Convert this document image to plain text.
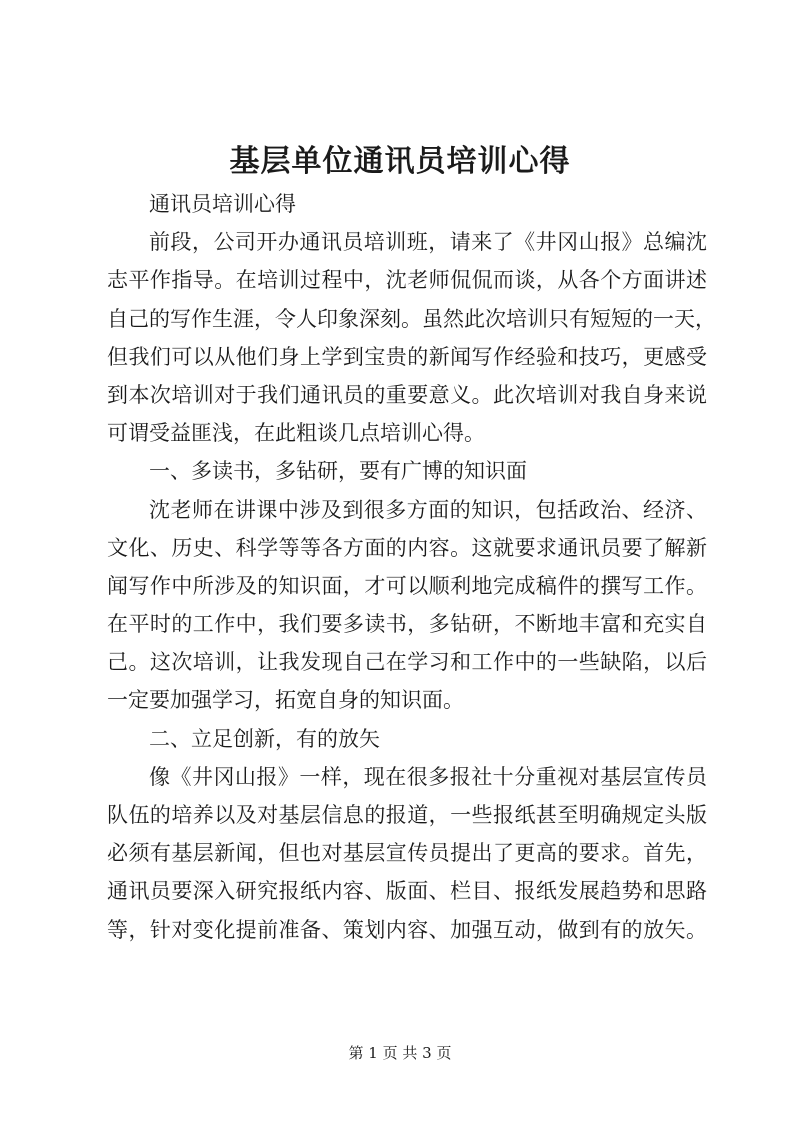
基层单位通讯员培训心得
通讯员培训心得
前段，公司开办通讯员培训班，请来了《井冈山报》总编沈
志平作指导。在培训过程中，沈老师侃侃而谈，从各个方面讲述
自己的写作生涯，令人印象深刻。虽然此次培训只有短短的一天，
但我们可以从他们身上学到宝贵的新闻写作经验和技巧，更感受
到本次培训对于我们通讯员的重要意义。此次培训对我自身来说
可谓受益匪浅，在此粗谈几点培训心得。
一、多读书，多钻研，要有广博的知识面
沈老师在讲课中涉及到很多方面的知识，包括政治、经济、
文化、历史、科学等等各方面的内容。这就要求通讯员要了解新
闻写作中所涉及的知识面，才可以顺利地完成稿件的撰写工作。
在平时的工作中，我们要多读书，多钻研，不断地丰富和充实自
己。这次培训，让我发现自己在学习和工作中的一些缺陷，以后
一定要加强学习，拓宽自身的知识面。
二、立足创新，有的放矢
像《井冈山报》一样，现在很多报社十分重视对基层宣传员
队伍的培养以及对基层信息的报道，一些报纸甚至明确规定头版
必须有基层新闻，但也对基层宣传员提出了更高的要求。首先，
通讯员要深入研究报纸内容、版面、栏目、报纸发展趋势和思路
等，针对变化提前准备、策划内容、加强互动，做到有的放矢。
第 1 页 共 3 页
